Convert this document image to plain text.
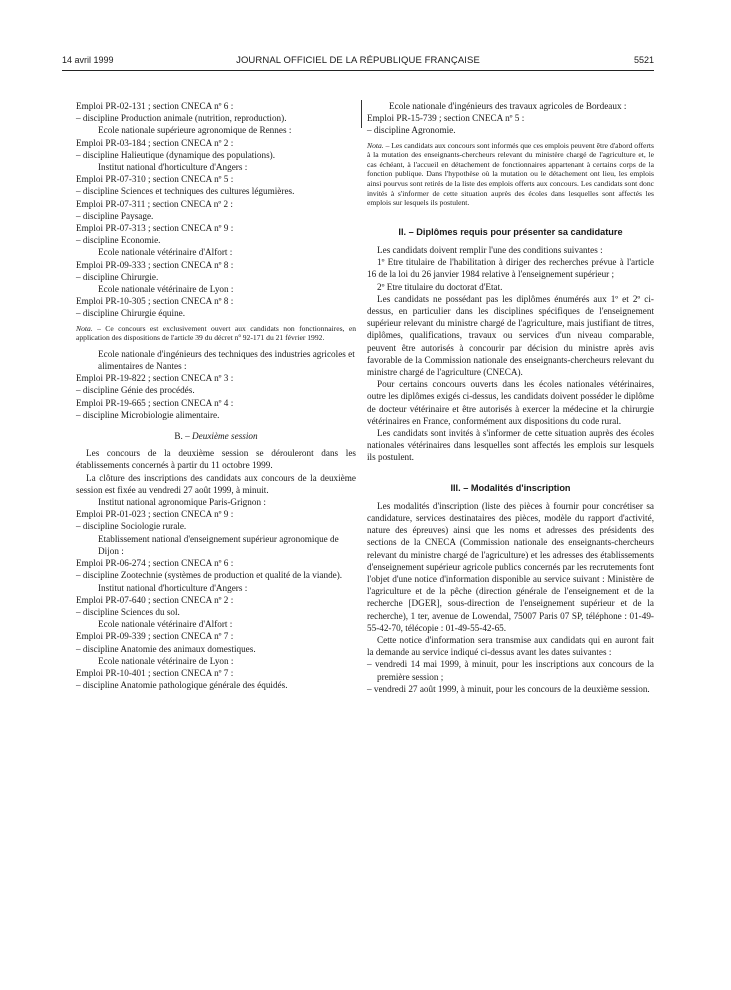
14 avril 1999	JOURNAL OFFICIEL DE LA RÉPUBLIQUE FRANÇAISE	5521

Emploi PR-02-131 ; section CNECA nº 6 :

– discipline Production animale (nutrition, reproduction).

Ecole nationale supérieure agronomique de Rennes :

Emploi PR-03-184 ; section CNECA nº 2 :

– discipline Halieutique (dynamique des populations).

Institut national d'horticulture d'Angers :

Emploi PR-07-310 ; section CNECA nº 5 :

– discipline Sciences et techniques des cultures légumières.

Emploi PR-07-311 ; section CNECA nº 2 :

– discipline Paysage.

Emploi PR-07-313 ; section CNECA nº 9 :

– discipline Economie.

Ecole nationale vétérinaire d'Alfort :

Emploi PR-09-333 ; section CNECA nº 8 :

– discipline Chirurgie.

Ecole nationale vétérinaire de Lyon :

Emploi PR-10-305 ; section CNECA nº 8 :

– discipline Chirurgie équine.

Nota. – Ce concours est exclusivement ouvert aux candidats non fonctionnaires, en application des dispositions de l'article 39 du décret nº 92-171 du 21 février 1992.

Ecole nationale d'ingénieurs des techniques des industries agricoles et alimentaires de Nantes :

Emploi PR-19-822 ; section CNECA nº 3 :

– discipline Génie des procédés.

Emploi PR-19-665 ; section CNECA nº 4 :

– discipline Microbiologie alimentaire.

B. – Deuxième session

Les concours de la deuxième session se dérouleront dans les établissements concernés à partir du 11 octobre 1999.

La clôture des inscriptions des candidats aux concours de la deuxième session est fixée au vendredi 27 août 1999, à minuit.

Institut national agronomique Paris-Grignon :

Emploi PR-01-023 ; section CNECA nº 9 :

– discipline Sociologie rurale.

Etablissement national d'enseignement supérieur agronomique de Dijon :

Emploi PR-06-274 ; section CNECA nº 6 :

– discipline Zootechnie (systèmes de production et qualité de la viande).

Institut national d'horticulture d'Angers :

Emploi PR-07-640 ; section CNECA nº 2 :

– discipline Sciences du sol.

Ecole nationale vétérinaire d'Alfort :

Emploi PR-09-339 ; section CNECA nº 7 :

– discipline Anatomie des animaux domestiques.

Ecole nationale vétérinaire de Lyon :

Emploi PR-10-401 ; section CNECA nº 7 :

– discipline Anatomie pathologique générale des équidés.

Ecole nationale d'ingénieurs des travaux agricoles de Bordeaux :

Emploi PR-15-739 ; section CNECA nº 5 :

– discipline Agronomie.

Nota. – Les candidats aux concours sont informés que ces emplois peuvent être d'abord offerts à la mutation des enseignants-chercheurs relevant du ministère chargé de l'agriculture et, le cas échéant, à l'accueil en détachement de fonctionnaires appartenant à certains corps de la fonction publique. Dans l'hypothèse où la mutation ou le détachement ont lieu, les emplois ainsi pourvus sont retirés de la liste des emplois offerts aux concours. Les candidats sont donc invités à s'informer de cette situation auprès des écoles dans lesquelles sont affectés les emplois sur lesquels ils postulent.

II. – Diplômes requis pour présenter sa candidature

Les candidats doivent remplir l'une des conditions suivantes :

1º Etre titulaire de l'habilitation à diriger des recherches prévue à l'article 16 de la loi du 26 janvier 1984 relative à l'enseignement supérieur ;

2º Etre titulaire du doctorat d'Etat.

Les candidats ne possédant pas les diplômes énumérés aux 1º et 2º ci-dessus, en particulier dans les disciplines spécifiques de l'enseignement supérieur relevant du ministre chargé de l'agriculture, mais justifiant de titres, diplômes, qualifications, travaux ou services d'un niveau comparable, peuvent être autorisés à concourir par décision du ministre après avis favorable de la Commission nationale des enseignants-chercheurs relevant du ministre chargé de l'agriculture (CNECA).

Pour certains concours ouverts dans les écoles nationales vétérinaires, outre les diplômes exigés ci-dessus, les candidats doivent posséder le diplôme de docteur vétérinaire et être autorisés à exercer la médecine et la chirurgie vétérinaires en France, conformément aux dispositions du code rural.

Les candidats sont invités à s'informer de cette situation auprès des écoles nationales vétérinaires dans lesquelles sont affectés les emplois sur lesquels ils postulent.

III. – Modalités d'inscription

Les modalités d'inscription (liste des pièces à fournir pour concrétiser sa candidature, services destinataires des pièces, modèle du rapport d'activité, nature des épreuves) ainsi que les noms et adresses des présidents des sections de la CNECA (Commission nationale des enseignants-chercheurs relevant du ministre chargé de l'agriculture) et les adresses des établissements d'enseignement supérieur agricole publics concernés par les recrutements font l'objet d'une notice d'information disponible au service suivant : Ministère de l'agriculture et de la pêche (direction générale de l'enseignement et de la recherche [DGER], sous-direction de l'enseignement supérieur et de la recherche), 1 ter, avenue de Lowendal, 75007 Paris 07 SP, téléphone : 01-49-55-42-70, télécopie : 01-49-55-42-65.

Cette notice d'information sera transmise aux candidats qui en auront fait la demande au service indiqué ci-dessus avant les dates suivantes :

– vendredi 14 mai 1999, à minuit, pour les inscriptions aux concours de la première session ;

– vendredi 27 août 1999, à minuit, pour les concours de la deuxième session.
